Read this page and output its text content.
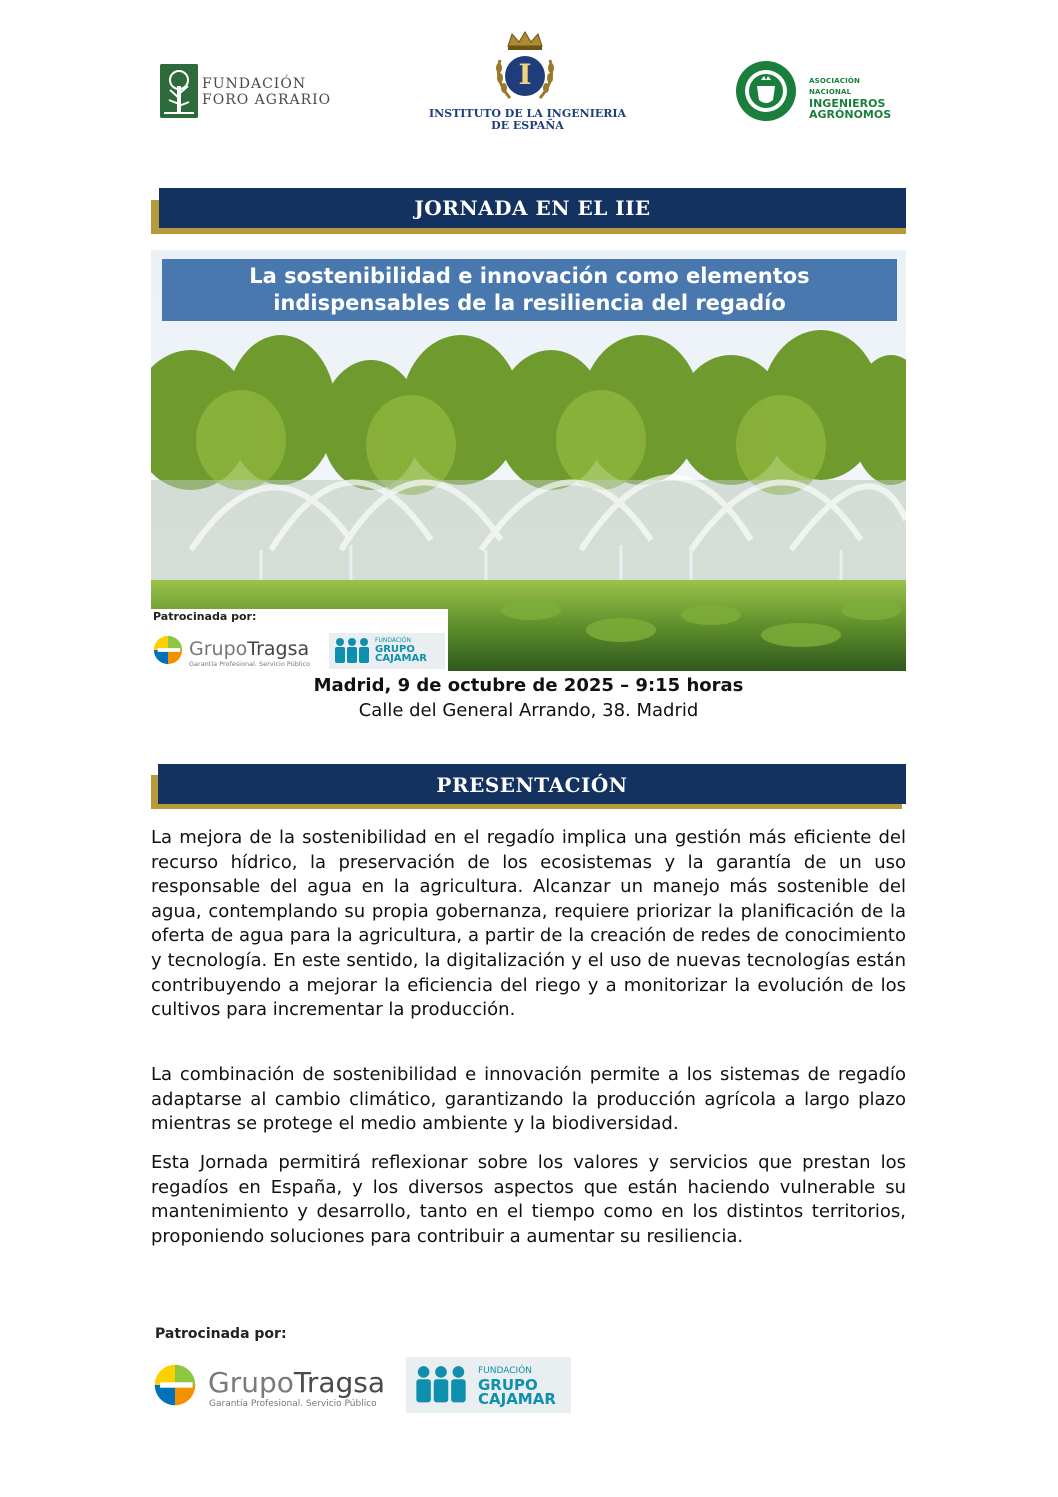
FUNDACIÓN
FORO AGRARIO
I
INSTITUTO DE LA INGENIERIA
DE ESPAÑA
ASOCIACIÓN NACIONAL
INGENIEROS
AGRÓNOMOS
JORNADA EN EL IIE
La sostenibilidad e innovación como elementos
indispensables de la resiliencia del regadío
Patrocinada por:
GrupoTragsa
Garantía Profesional. Servicio Público
FUNDACIÓN
GRUPO
CAJAMAR
Madrid, 9 de octubre de 2025 – 9:15 horas
Calle del General Arrando, 38. Madrid
PRESENTACIÓN
La mejora de la sostenibilidad en el regadío implica una gestión más eficiente del recurso hídrico, la preservación de los ecosistemas y la garantía de un uso responsable del agua en la agricultura. Alcanzar un manejo más sostenible del agua, contemplando su propia gobernanza, requiere priorizar la planificación de la oferta de agua para la agricultura, a partir de la creación de redes de conocimiento y tecnología. En este sentido, la digitalización y el uso de nuevas tecnologías están contribuyendo a mejorar la eficiencia del riego y a monitorizar la evolución de los cultivos para incrementar la producción.
La combinación de sostenibilidad e innovación permite a los sistemas de regadío adaptarse al cambio climático, garantizando la producción agrícola a largo plazo mientras se protege el medio ambiente y la biodiversidad.
Esta Jornada permitirá reflexionar sobre los valores y servicios que prestan los regadíos en España, y los diversos aspectos que están haciendo vulnerable su mantenimiento y desarrollo, tanto en el tiempo como en los distintos territorios, proponiendo soluciones para contribuir a aumentar su resiliencia.
Patrocinada por:
GrupoTragsa
Garantía Profesional. Servicio Público
FUNDACIÓN
GRUPO
CAJAMAR
